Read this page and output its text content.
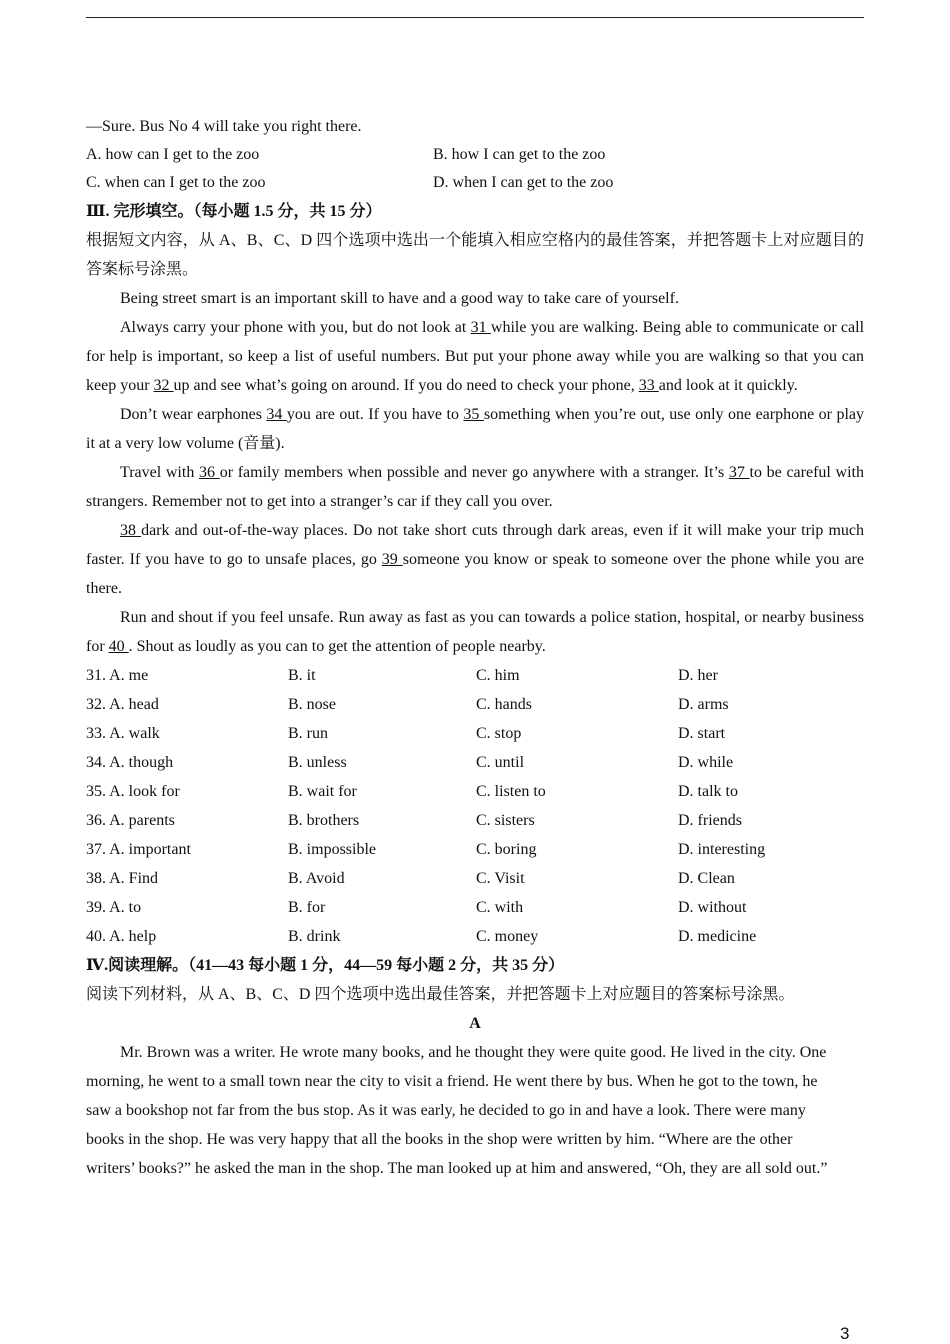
—Sure. Bus No 4 will take you right there.
A. how can I get to the zoo	B. how I can get to the zoo
C. when can I get to the zoo	D. when I can get to the zoo
Ⅲ. 完形填空。（每小题 1.5 分，共 15 分）
根据短文内容，从 A、B、C、D 四个选项中选出一个能填入相应空格内的最佳答案，并把答题卡上对应题目的答案标号涂黑。
Being street smart is an important skill to have and a good way to take care of yourself.
Always carry your phone with you, but do not look at 31 while you are walking. Being able to communicate or call for help is important, so keep a list of useful numbers. But put your phone away while you are walking so that you can keep your 32 up and see what’s going on around. If you do need to check your phone, 33 and look at it quickly.
Don’t wear earphones 34 you are out. If you have to 35 something when you’re out, use only one earphone or play it at a very low volume (音量).
Travel with 36 or family members when possible and never go anywhere with a stranger. It’s 37 to be careful with strangers. Remember not to get into a stranger’s car if they call you over.
38 dark and out-of-the-way places. Do not take short cuts through dark areas, even if it will make your trip much faster. If you have to go to unsafe places, go 39 someone you know or speak to someone over the phone while you are there.
Run and shout if you feel unsafe. Run away as fast as you can towards a police station, hospital, or nearby business for 40 . Shout as loudly as you can to get the attention of people nearby.
31. A. me	B. it	C. him	D. her
32. A. head	B. nose	C. hands	D. arms
33. A. walk	B. run	C. stop	D. start
34. A. though	B. unless	C. until	D. while
35. A. look for	B. wait for	C. listen to	D. talk to
36. A. parents	B. brothers	C. sisters	D. friends
37. A. important	B. impossible	C. boring	D. interesting
38. A. Find	B. Avoid	C. Visit	D. Clean
39. A. to	B. for	C. with	D. without
40. A. help	B. drink	C. money	D. medicine
Ⅳ.阅读理解。（41—43 每小题 1 分，44—59 每小题 2 分，共 35 分）
阅读下列材料，从 A、B、C、D 四个选项中选出最佳答案，并把答题卡上对应题目的答案标号涂黑。
A
Mr. Brown was a writer. He wrote many books, and he thought they were quite good. He lived in the city. One
morning, he went to a small town near the city to visit a friend. He went there by bus. When he got to the town, he
saw a bookshop not far from the bus stop. As it was early, he decided to go in and have a look. There were many
books in the shop. He was very happy that all the books in the shop were written by him. “Where are the other
writers’ books?” he asked the man in the shop. The man looked up at him and answered, “Oh, they are all sold out.”
3
